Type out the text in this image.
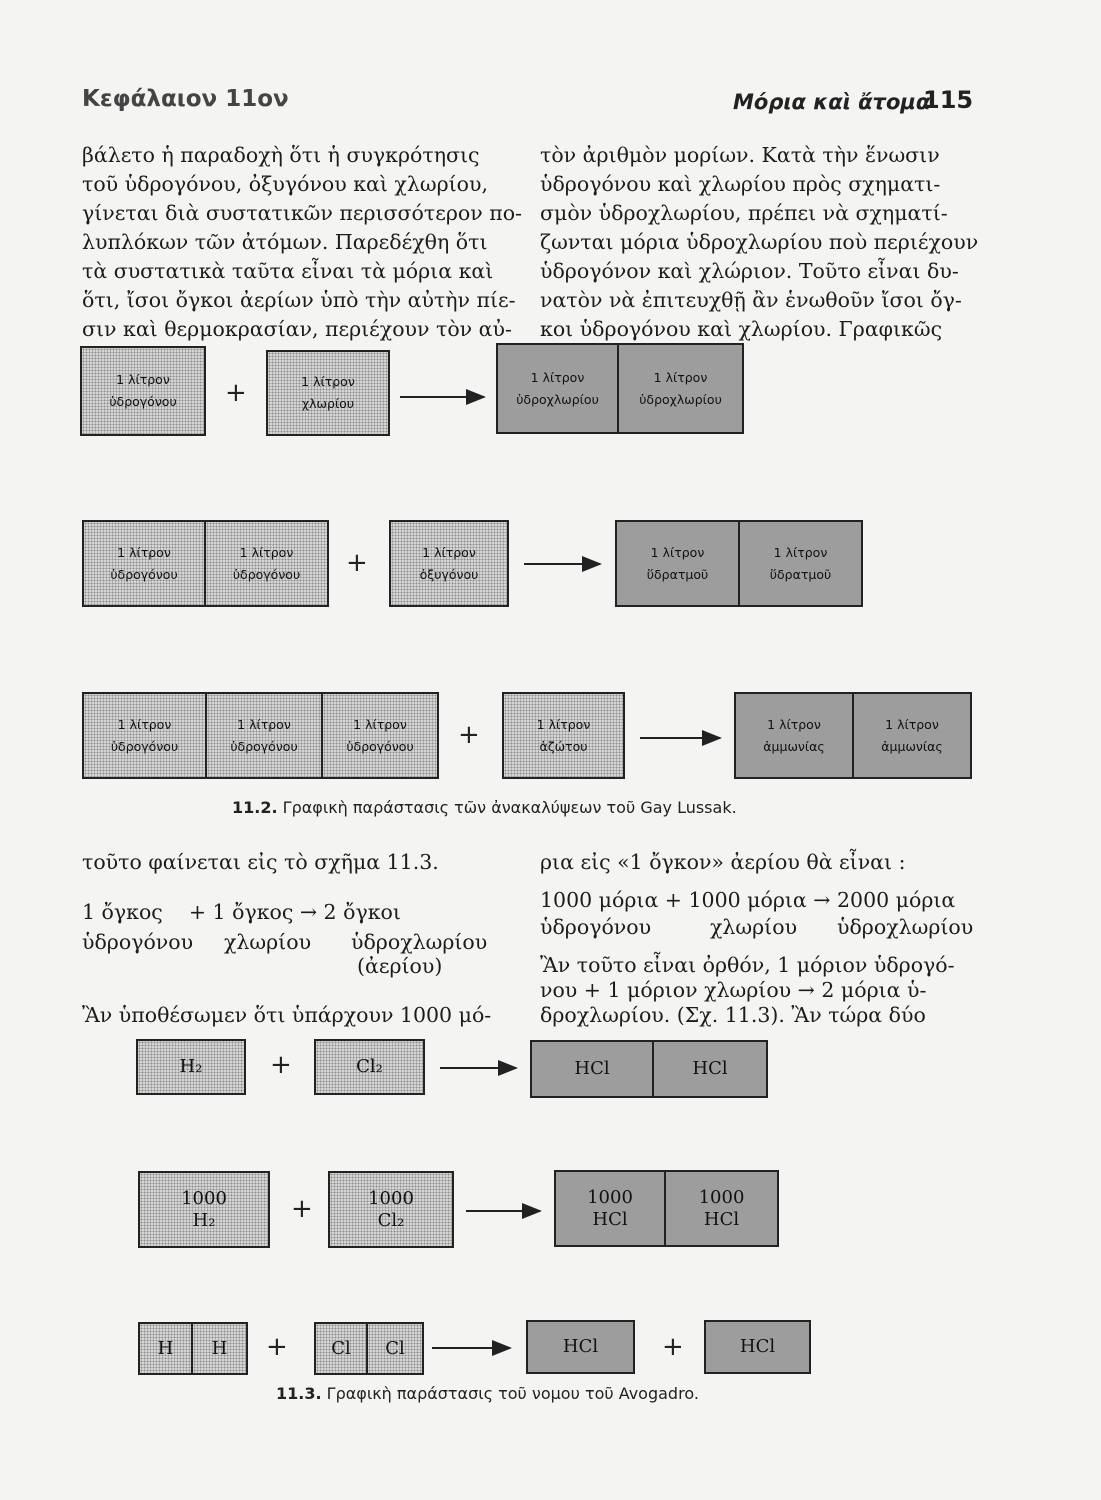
Κεφάλαιον 11ον	Μόρια καὶ ἄτομα
115
βάλετο ἡ παραδοχὴ ὅτι ἡ συγκρότησις
τοῦ ὑδρογόνου, ὀξυγόνου καὶ χλωρίου,
γίνεται διὰ συστατικῶν περισσότερον πο-
λυπλόκων τῶν ἀτόμων. Παρεδέχθη ὅτι
τὰ συστατικὰ ταῦτα εἶναι τὰ μόρια καὶ
ὅτι, ἴσοι ὄγκοι ἀερίων ὑπὸ τὴν αὐτὴν πίε-
σιν καὶ θερμοκρασίαν, περιέχουν τὸν αὐ-
τὸν ἀριθμὸν μορίων. Κατὰ τὴν ἕνωσιν
ὑδρογόνου καὶ χλωρίου πρὸς σχηματι-
σμὸν ὑδροχλωρίου, πρέπει νὰ σχηματί-
ζωνται μόρια ὑδροχλωρίου ποὺ περιέχουν
ὑδρογόνον καὶ χλώριον. Τοῦτο εἶναι δυ-
νατὸν νὰ ἐπιτευχθῇ ἂν ἑνωθοῦν ἴσοι ὄγ-
κοι ὑδρογόνου καὶ χλωρίου. Γραφικῶς
1 λίτρον
ὑδρογόνου +	1 λίτρον
χλωρίου
1 λίτρον
ὑδροχλωρίου
1 λίτρον
ὑδροχλωρίου
1 λίτρον
ὑδρογόνου
1 λίτρον
ὑδρογόνου +	1 λίτρον
ὀξυγόνου
1 λίτρον
ὕδρατμοῦ
1 λίτρον
ὕδρατμοῦ
1 λίτρον
ὑδρογόνου
1 λίτρον
ὑδρογόνου
1 λίτρον
ὑδρογόνου +	1 λίτρον
ἀζώτου
1 λίτρον
ἀμμωνίας
1 λίτρον
ἀμμωνίας
11.2. Γραφικὴ παράστασις τῶν ἀνακαλύψεων τοῦ Gay Lussak.
τοῦτο φαίνεται εἰς τὸ σχῆμα 11.3.
1 ὄγκος    + 1 ὄγκος → 2 ὄγκοι
ὑδρογόνου χλωρίου ὑδροχλωρίου
(ἀερίου)
Ἂν ὑποθέσωμεν ὅτι ὑπάρχουν 1000 μό-
ρια εἰς «1 ὄγκον» ἀερίου θὰ εἶναι :
1000 μόρια + 1000 μόρια → 2000 μόρια
ὑδρογόνου	χλωρίου ὑδροχλωρίου
Ἂν τοῦτο εἶναι ὀρθόν, 1 μόριον ὑδρογό-
νου + 1 μόριον χλωρίου → 2 μόρια ὑ-
δροχλωρίου. (Σχ. 11.3). Ἂν τώρα δύο
H₂	+	Cl₂	HCl	HCl
1000
H₂	+	1000
Cl₂
1000
HCl
1000
HCl
H	H	+	Cl	Cl	HCl	+	HCl
11.3. Γραφικὴ παράστασις τοῦ νομου τοῦ Avogadro.
